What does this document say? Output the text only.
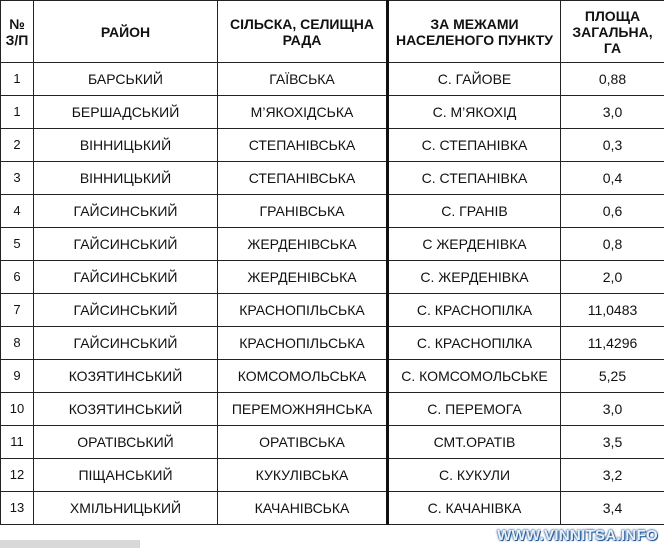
№ З/П	РАЙОН	СІЛЬСКА, СЕЛИЩНА РАДА	ЗА МЕЖАМИ НАСЕЛЕНОГО ПУНКТУ	ПЛОЩА ЗАГАЛЬНА, ГА
1	БАРСЬКИЙ	ГАЇВСЬКА	С. ГАЙОВЕ	0,88
1	БЕРШАДСЬКИЙ	М’ЯКОХІДСЬКА	С. М’ЯКОХІД	3,0
2	ВІННИЦЬКИЙ	СТЕПАНІВСЬКА	С. СТЕПАНІВКА	0,3
3	ВІННИЦЬКИЙ	СТЕПАНІВСЬКА	С. СТЕПАНІВКА	0,4
4	ГАЙСИНСЬКИЙ	ГРАНІВСЬКА	С. ГРАНІВ	0,6
5	ГАЙСИНСЬКИЙ	ЖЕРДЕНІВСЬКА	С ЖЕРДЕНІВКА	0,8
6	ГАЙСИНСЬКИЙ	ЖЕРДЕНІВСЬКА	С. ЖЕРДЕНІВКА	2,0
7	ГАЙСИНСЬКИЙ	КРАСНОПІЛЬСЬКА	С. КРАСНОПІЛКА	11,0483
8	ГАЙСИНСЬКИЙ	КРАСНОПІЛЬСЬКА	С. КРАСНОПІЛКА	11,4296
9	КОЗЯТИНСЬКИЙ	КОМСОМОЛЬСЬКА	С. КОМСОМОЛЬСЬКЕ	5,25
10	КОЗЯТИНСЬКИЙ	ПЕРЕМОЖНЯНСЬКА	С. ПЕРЕМОГА	3,0
11	ОРАТІВСЬКИЙ	ОРАТІВСЬКА	СМТ.ОРАТІВ	3,5
12	ПІЩАНСЬКИЙ	КУКУЛІВСЬКА	С. КУКУЛИ	3,2
13	ХМІЛЬНИЦЬКИЙ	КАЧАНІВСЬКА	С. КАЧАНІВКА	3,4
WWW.VINNITSA.INFO
